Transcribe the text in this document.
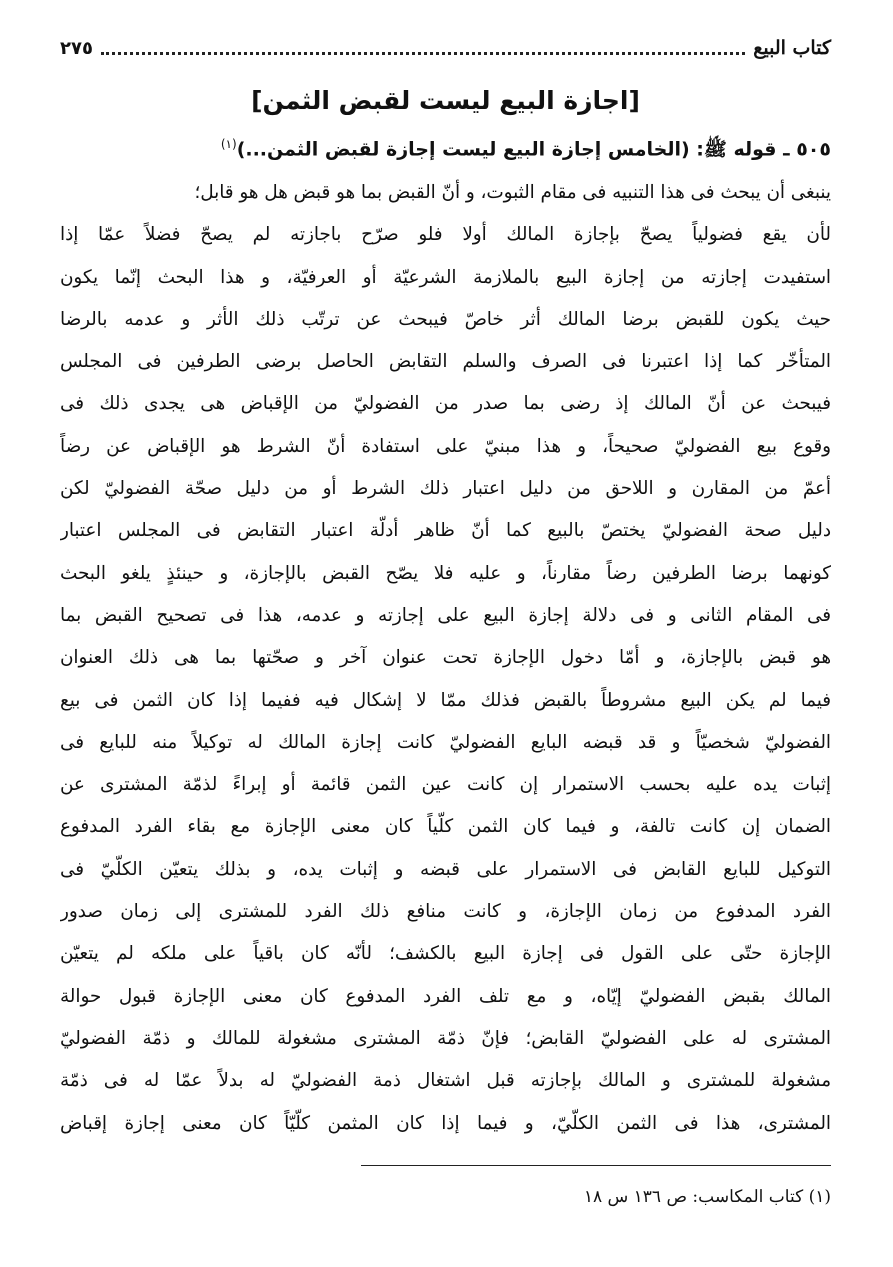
كتاب البيع
٢٧٥
[اجازة البيع ليست لقبض الثمن]
٥٠٥ ـ قوله ﷺ: (الخامس إجازة البيع ليست إجازة لقبض الثمن...)$^{(١)}$
ينبغى أن يبحث فى هذا التنبيه فى مقام الثبوت، و أنّ القبض بما هو قبض هل هو قابل؛
لأن يقع فضولياً يصحّ بإجازة المالك أولا فلو صرّح باجازته لم يصحّ فضلاً عمّا إذا
استفيدت إجازته من إجازة البيع بالملازمة الشرعيّة أو العرفيّة، و هذا البحث إنّما يكون
حيث يكون للقبض برضا المالك أثر خاصّ فيبحث عن ترتّب ذلك الأثر و عدمه بالرضا
المتأخّر كما إذا اعتبرنا فى الصرف والسلم التقابض الحاصل برضى الطرفين فى المجلس
فيبحث عن أنّ المالك إذ رضى بما صدر من الفضوليّ من الإقباض هى يجدى ذلك فى
وقوع بيع الفضوليّ صحيحاً، و هذا مبنيّ على استفادة أنّ الشرط هو الإقباض عن رضاً
أعمّ من المقارن و اللاحق من دليل اعتبار ذلك الشرط أو من دليل صحّة الفضوليّ لكن
دليل صحة الفضوليّ يختصّ بالبيع كما أنّ ظاهر أدلّة اعتبار التقابض فى المجلس اعتبار
كونهما برضا الطرفين رضاً مقارناً، و عليه فلا يصّح القبض بالإجازة، و حينئذٍ يلغو البحث
فى المقام الثانى و فى دلالة إجازة البيع على إجازته و عدمه، هذا فى تصحيح القبض بما
هو قبض بالإجازة، و أمّا دخول الإجازة تحت عنوان آخر و صحّتها بما هى ذلك العنوان
فيما لم يكن البيع مشروطاً بالقبض فذلك ممّا لا إشكال فيه ففيما إذا كان الثمن فى بيع
الفضوليّ شخصيّاً و قد قبضه البايع الفضوليّ كانت إجازة المالك له توكيلاً منه للبايع فى
إثبات يده عليه بحسب الاستمرار إن كانت عين الثمن قائمة أو إبراءً لذمّة المشترى عن
الضمان إن كانت تالفة، و فيما كان الثمن كلّياً كان معنى الإجازة مع بقاء الفرد المدفوع
التوكيل للبايع القابض فى الاستمرار على قبضه و إثبات يده، و بذلك يتعيّن الكلّيّ فى
الفرد المدفوع من زمان الإجازة، و كانت منافع ذلك الفرد للمشترى إلى زمان صدور
الإجازة حتّى على القول فى إجازة البيع بالكشف؛ لأنّه كان باقياً على ملكه لم يتعيّن
المالك بقبض الفضوليّ إيّاه، و مع تلف الفرد المدفوع كان معنى الإجازة قبول حوالة
المشترى له على الفضوليّ القابض؛ فإنّ ذمّة المشترى مشغولة للمالك و ذمّة الفضوليّ
مشغولة للمشترى و المالك بإجازته قبل اشتغال ذمة الفضوليّ له بدلاً عمّا له فى ذمّة
المشترى، هذا فى الثمن الكلّيّ، و فيما إذا كان المثمن كلّيّاً كان معنى إجازة إقباض
(١) كتاب المكاسب: ص ١٣٦ س ١٨
